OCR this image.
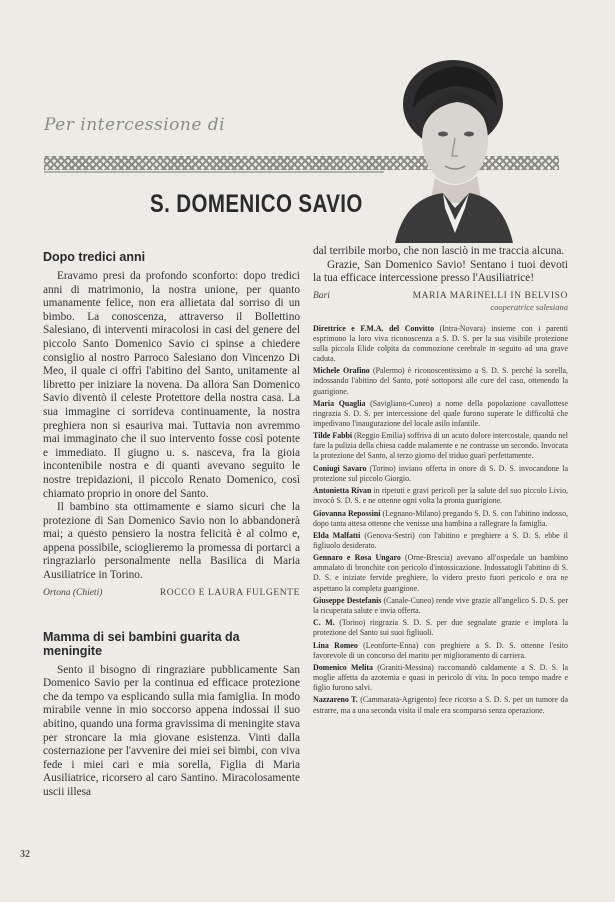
Per intercessione di
S. DOMENICO SAVIO
Dopo tredici anni

Eravamo presi da profondo sconforto: dopo tredici anni di matrimonio, la nostra unione, per quanto umanamente felice, non era allietata dal sorriso di un bimbo. La conoscenza, attraverso il Bollettino Salesiano, di interventi miracolosi in casi del genere del piccolo Santo Domenico Savio ci spinse a chiedere consiglio al nostro Parroco Salesiano don Vincenzo Di Meo, il quale ci offrì l'abitino del Santo, unitamente al libretto per iniziare la novena. Da allora San Domenico Savio diventò il celeste Protettore della nostra casa. La sua immagine ci sorrideva continuamente, la nostra preghiera non si esauriva mai. Tuttavia non avremmo mai immaginato che il suo intervento fosse così potente e immediato. Il giugno u. s. nasceva, fra la gioia incontenibile nostra e di quanti avevano seguito le nostre trepidazioni, il piccolo Renato Domenico, così chiamato proprio in onore del Santo.

Il bambino sta ottimamente e siamo sicuri che la protezione di San Domenico Savio non lo abbandonerà mai; a questo pensiero la nostra felicità è al colmo e, appena possibile, scioglieremo la promessa di portarci a ringraziarlo personalmente nella Basilica di Maria Ausiliatrice in Torino.

Ortona (Chieti)	ROCCO E LAURA FULGENTE
Mamma di sei bambini guarita da meningite

Sento il bisogno di ringraziare pubblicamente San Domenico Savio per la continua ed efficace protezione che da tempo va esplicando sulla mia famiglia. In modo mirabile venne in mio soccorso appena indossai il suo abitino, quando una forma gravissima di meningite stava per stroncare la mia giovane esistenza. Vinti dalla costernazione per l'avvenire dei miei sei bimbi, con viva fede i miei cari e mia sorella, Figlia di Maria Ausiliatrice, ricorsero al caro Santino. Miracolosamente uscii illesa

dal terribile morbo, che non lasciò in me traccia alcuna.

Grazie, San Domenico Savio! Sentano i tuoi devoti la tua efficace intercessione presso l'Ausiliatrice!

Bari	MARIA MARINELLI IN BELVISO
cooperatrice salesiana

Direttrice e F.M.A. del Convitto (Intra-Novara) insieme con i parenti esprimono la loro viva riconoscenza a S. D. S. per la sua visibile protezione sulla piccola Elide colpita da commozione cerebrale in seguito ad una grave caduta.

Michele Orafino (Palermo) è riconoscentissimo a S. D. S. perché la sorella, indossando l'abitino del Santo, poté sottoporsi alle cure del caso, ottenendo la guarigione.

Maria Quaglia (Savigliano-Cuneo) a nome della popolazione cavallottese ringrazia S. D. S. per intercessione del quale furono superate le difficoltà che impedivano l'inaugurazione del locale asilo infantile.

Tilde Fabbi (Reggio Emilia) soffriva di un acuto dolore intercostale, quando nel fare la pulizia della chiesa cadde malamente e ne contrasse un secondo. Invocata la protezione del Santo, al terzo giorno del triduo guarì perfettamente.

Coniugi Savaro (Torino) inviano offerta in onore di S. D. S. invocandone la protezione sul piccolo Giorgio.

Antonietta Rivan in ripetuti e gravi pericoli per la salute del suo piccolo Livio, invocò S. D. S. e ne ottenne ogni volta la pronta guarigione.

Giovanna Repossini (Legnano-Milano) pregando S. D. S. con l'abitino indosso, dopo tanta attesa ottenne che venisse una bambina a rallegrare la famiglia.

Elda Malfatti (Genova-Sestri) con l'abitino e preghiere a S. D. S. ebbe il figliuolo desiderato.

Gennaro e Rosa Ungaro (Orne-Brescia) avevano all'ospedale un bambino ammalato di bronchite con pericolo d'intossicazione. Indossatogli l'abitino di S. D. S. e iniziate fervide preghiere, lo videro presto fuori pericolo e ora ne aspettano la completa guarigione.

Giuseppe Destefanis (Canale-Cuneo) rende vive grazie all'angelico S. D. S. per la ricuperata salute e invia offerta.

C. M. (Torino) ringrazia S. D. S. per due segnalate grazie e implora la protezione del Santo sui suoi figliuoli.

Lina Romeo (Leonforte-Enna) con preghiere a S. D. S. ottenne l'esito favorevole di un concorso del marito per miglioramento di carriera.

Domenico Melita (Graniti-Messina) raccomandò caldamente a S. D. S. la moglie affetta da azotemia e quasi in pericolo di vita. In poco tempo madre e figlio furono salvi.

Nazzareno T. (Cammarata-Agrigento) fece ricorso a S. D. S. per un tumore da estrarre, ma a una seconda visita il male era scomparso senza operazione.

32
